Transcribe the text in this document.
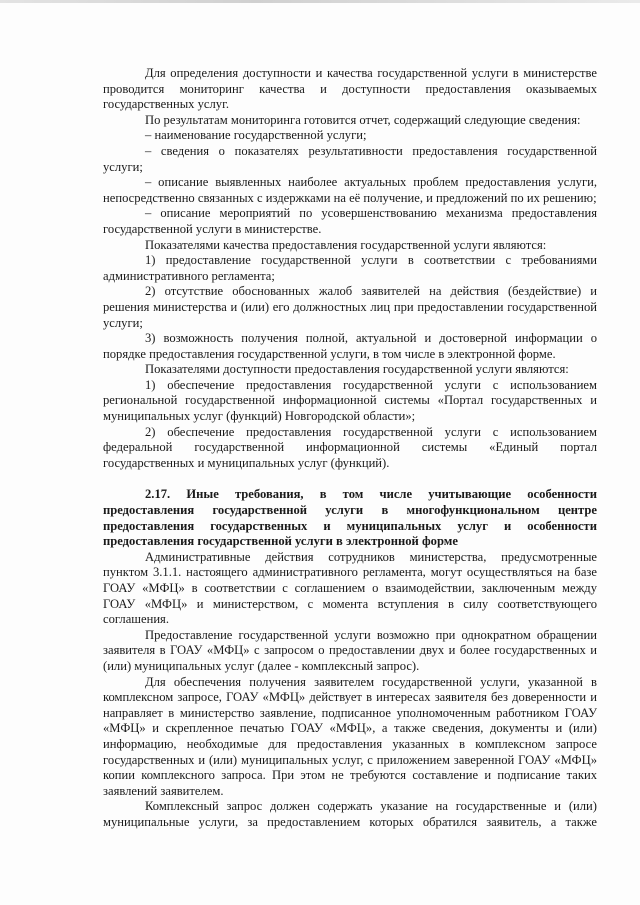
Для определения доступности и качества государственной услуги в министерстве проводится мониторинг качества и доступности предоставления оказываемых государственных услуг.

По результатам мониторинга готовится отчет, содержащий следующие сведения:

– наименование государственной услуги;

– сведения о показателях результативности предоставления государственной услуги;

– описание выявленных наиболее актуальных проблем предоставления услуги, непосредственно связанных с издержками на её получение, и предложений по их решению;

– описание мероприятий по усовершенствованию механизма предоставления государственной услуги в министерстве.

Показателями качества предоставления государственной услуги являются:

1) предоставление государственной услуги в соответствии с требованиями административного регламента;

2) отсутствие обоснованных жалоб заявителей на действия (бездействие) и решения министерства и (или) его должностных лиц при предоставлении государственной услуги;

3) возможность получения полной, актуальной и достоверной информации о порядке предоставления государственной услуги, в том числе в электронной форме.

Показателями доступности предоставления государственной услуги являются:

1) обеспечение предоставления государственной услуги с использованием региональной государственной информационной системы «Портал государственных и муниципальных услуг (функций) Новгородской области»;

2) обеспечение предоставления государственной услуги с использованием федеральной государственной информационной системы «Единый портал государственных и муниципальных услуг (функций).

2.17. Иные требования, в том числе учитывающие особенности предоставления государственной услуги в многофункциональном центре предоставления государственных и муниципальных услуг и особенности предоставления государственной услуги в электронной форме

Административные действия сотрудников министерства, предусмотренные пунктом 3.1.1. настоящего административного регламента, могут осуществляться на базе ГОАУ «МФЦ» в соответствии с соглашением о взаимодействии, заключенным между ГОАУ «МФЦ» и министерством, с момента вступления в силу соответствующего соглашения.

Предоставление государственной услуги возможно при однократном обращении заявителя в ГОАУ «МФЦ» с запросом о предоставлении двух и более государственных и (или) муниципальных услуг (далее - комплексный запрос).

Для обеспечения получения заявителем государственной услуги, указанной в комплексном запросе, ГОАУ «МФЦ» действует в интересах заявителя без доверенности и направляет в министерство заявление, подписанное уполномоченным работником ГОАУ «МФЦ» и скрепленное печатью ГОАУ «МФЦ», а также сведения, документы и (или) информацию, необходимые для предоставления указанных в комплексном запросе государственных и (или) муниципальных услуг, с приложением заверенной ГОАУ «МФЦ» копии комплексного запроса. При этом не требуются составление и подписание таких заявлений заявителем.

Комплексный запрос должен содержать указание на государственные и (или) муниципальные услуги, за предоставлением которых обратился заявитель, а также
